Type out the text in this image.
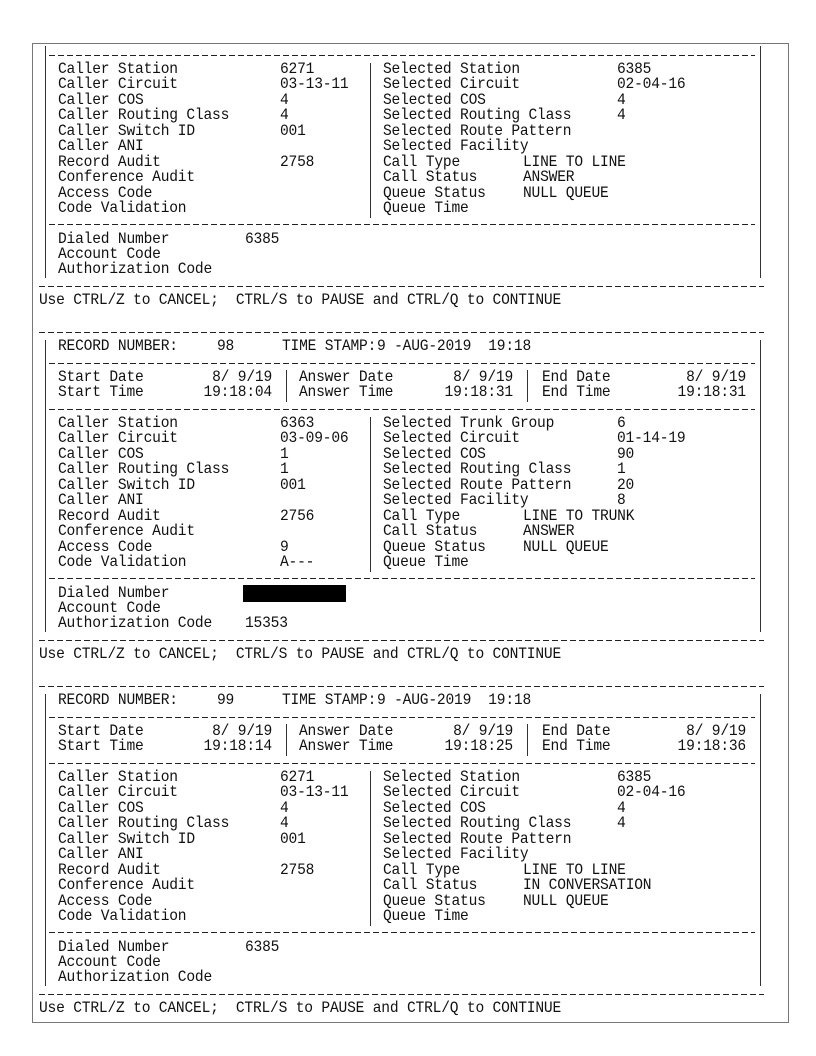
Caller Station	6271
Caller Circuit	03-13-11
Caller COS	4
Caller Routing Class	4
Caller Switch ID	001
Caller ANI
Record Audit	2758
Conference Audit
Access Code
Code Validation
Selected Station	6385
Selected Circuit	02-04-16
Selected COS	4
Selected Routing Class	4
Selected Route Pattern
Selected Facility
Call Type	LINE TO LINE
Call Status	ANSWER
Queue Status	NULL QUEUE
Queue Time
Dialed Number	6385
Account Code
Authorization Code
Use CTRL/Z to CANCEL;  CTRL/S to PAUSE and CTRL/Q to CONTINUE
RECORD NUMBER:	98	TIME STAMP: 9 -AUG-2019  19:18
Start Date	8/ 9/19
Start Time	19:18:04
Answer Date	8/ 9/19
Answer Time	19:18:31
End Date	8/ 9/19
End Time	19:18:31
Caller Station	6363
Caller Circuit	03-09-06
Caller COS	1
Caller Routing Class	1
Caller Switch ID	001
Caller ANI
Record Audit	2756
Conference Audit
Access Code	9
Code Validation	A---
Selected Trunk Group	6
Selected Circuit	01-14-19
Selected COS	90
Selected Routing Class	1
Selected Route Pattern	20
Selected Facility	8
Call Type	LINE TO TRUNK
Call Status	ANSWER
Queue Status	NULL QUEUE
Queue Time
Dialed Number
Account Code
Authorization Code 15353
Use CTRL/Z to CANCEL;  CTRL/S to PAUSE and CTRL/Q to CONTINUE
RECORD NUMBER:	99	TIME STAMP: 9 -AUG-2019  19:18
Start Date	8/ 9/19
Start Time	19:18:14
Answer Date	8/ 9/19
Answer Time	19:18:25
End Date	8/ 9/19
End Time	19:18:36
Caller Station	6271
Caller Circuit	03-13-11
Caller COS	4
Caller Routing Class	4
Caller Switch ID	001
Caller ANI
Record Audit	2758
Conference Audit
Access Code
Code Validation
Selected Station	6385
Selected Circuit	02-04-16
Selected COS	4
Selected Routing Class	4
Selected Route Pattern
Selected Facility
Call Type	LINE TO LINE
Call Status	IN CONVERSATION
Queue Status	NULL QUEUE
Queue Time
Dialed Number	6385
Account Code
Authorization Code
Use CTRL/Z to CANCEL;  CTRL/S to PAUSE and CTRL/Q to CONTINUE
